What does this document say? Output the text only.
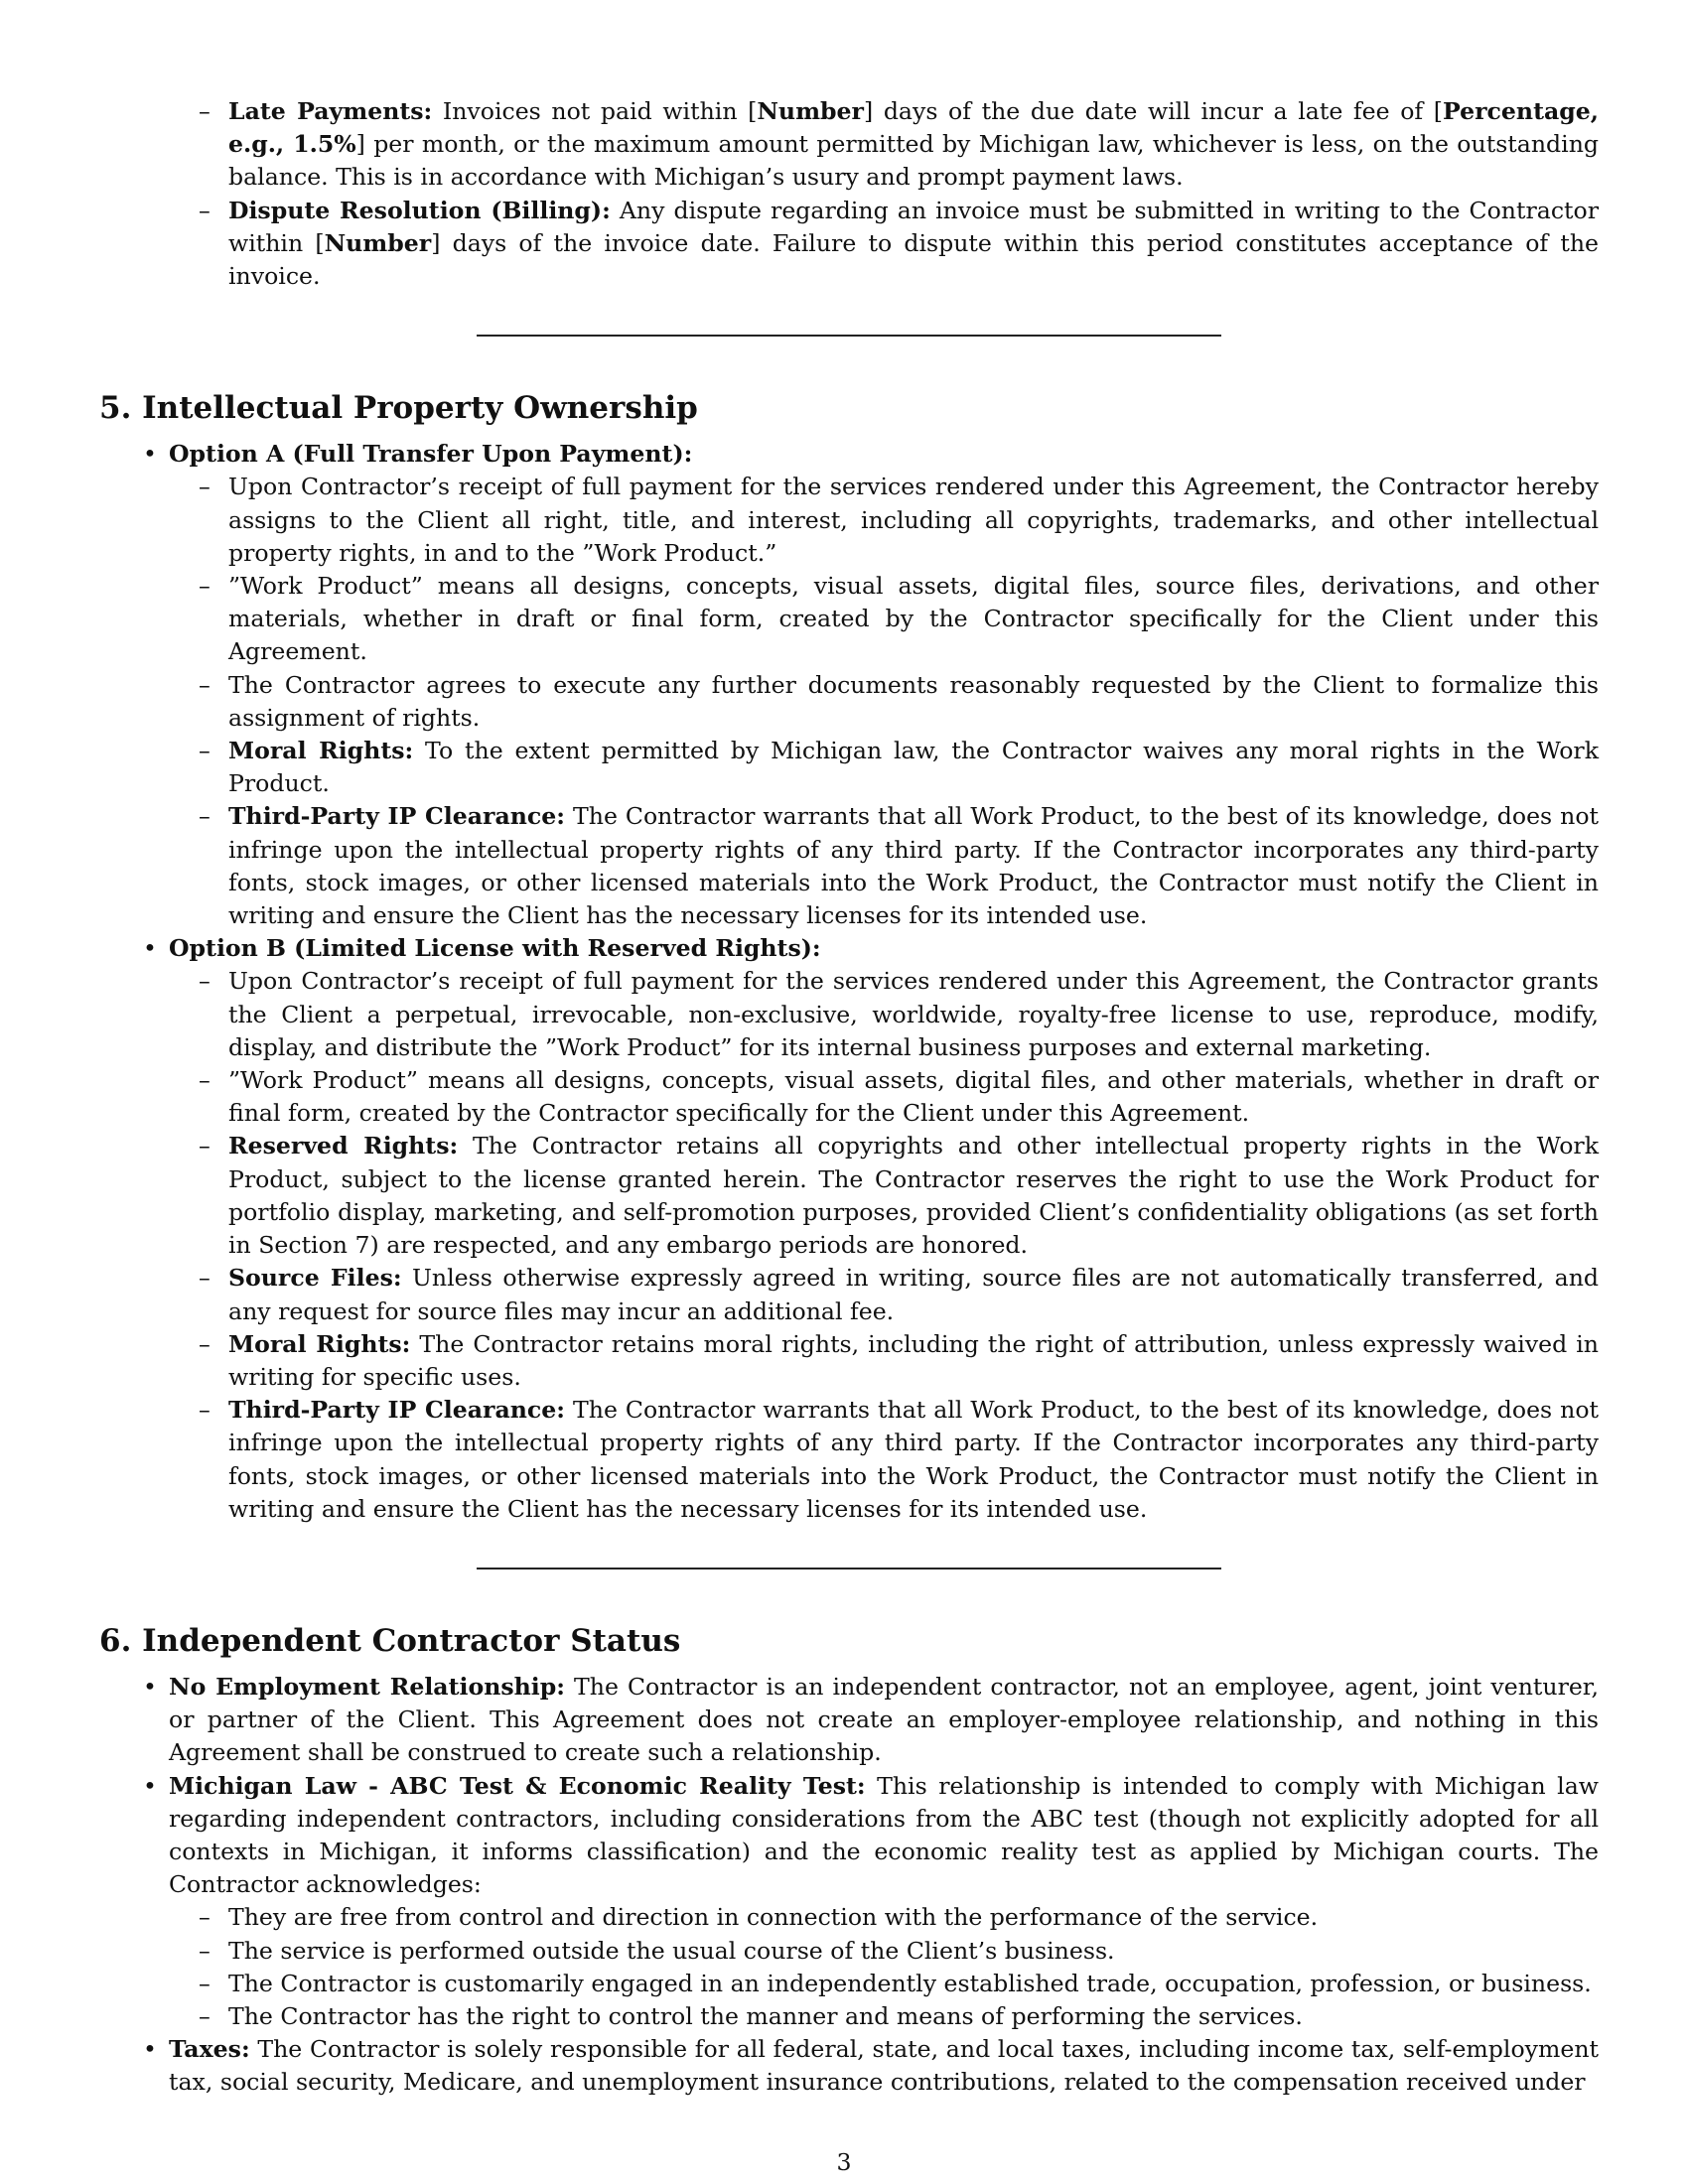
– Late Payments: Invoices not paid within [Number] days of the due date will incur a late fee of [Percentage, e.g., 1.5%] per month, or the maximum amount permitted by Michigan law, whichever is less, on the outstanding balance. This is in accordance with Michigan’s usury and prompt payment laws.
– Dispute Resolution (Billing): Any dispute regarding an invoice must be submitted in writing to the Contractor within [Number] days of the invoice date. Failure to dispute within this period constitutes acceptance of the invoice.
5. Intellectual Property Ownership
• Option A (Full Transfer Upon Payment):
– Upon Contractor’s receipt of full payment for the services rendered under this Agreement, the Contractor hereby assigns to the Client all right, title, and interest, including all copyrights, trademarks, and other intellectual property rights, in and to the ”Work Product.”
– ”Work Product” means all designs, concepts, visual assets, digital files, source files, derivations, and other materials, whether in draft or final form, created by the Contractor specifically for the Client under this Agreement.
– The Contractor agrees to execute any further documents reasonably requested by the Client to formalize this assignment of rights.
– Moral Rights: To the extent permitted by Michigan law, the Contractor waives any moral rights in the Work Product.
– Third-Party IP Clearance: The Contractor warrants that all Work Product, to the best of its knowledge, does not infringe upon the intellectual property rights of any third party. If the Contractor incorporates any third-party fonts, stock images, or other licensed materials into the Work Product, the Contractor must notify the Client in writing and ensure the Client has the necessary licenses for its intended use.
• Option B (Limited License with Reserved Rights):
– Upon Contractor’s receipt of full payment for the services rendered under this Agreement, the Contractor grants the Client a perpetual, irrevocable, non-exclusive, worldwide, royalty-free license to use, reproduce, modify, display, and distribute the ”Work Product” for its internal business purposes and external marketing.
– ”Work Product” means all designs, concepts, visual assets, digital files, and other materials, whether in draft or final form, created by the Contractor specifically for the Client under this Agreement.
– Reserved Rights: The Contractor retains all copyrights and other intellectual property rights in the Work Product, subject to the license granted herein. The Contractor reserves the right to use the Work Product for portfolio display, marketing, and self-promotion purposes, provided Client’s confidentiality obligations (as set forth in Section 7) are respected, and any embargo periods are honored.
– Source Files: Unless otherwise expressly agreed in writing, source files are not automatically transferred, and any request for source files may incur an additional fee.
– Moral Rights: The Contractor retains moral rights, including the right of attribution, unless expressly waived in writing for specific uses.
– Third-Party IP Clearance: The Contractor warrants that all Work Product, to the best of its knowledge, does not infringe upon the intellectual property rights of any third party. If the Contractor incorporates any third-party fonts, stock images, or other licensed materials into the Work Product, the Contractor must notify the Client in writing and ensure the Client has the necessary licenses for its intended use.
6. Independent Contractor Status
• No Employment Relationship: The Contractor is an independent contractor, not an employee, agent, joint venturer, or partner of the Client. This Agreement does not create an employer-employee relationship, and nothing in this Agreement shall be construed to create such a relationship.
• Michigan Law - ABC Test & Economic Reality Test: This relationship is intended to comply with Michigan law regarding independent contractors, including considerations from the ABC test (though not explicitly adopted for all contexts in Michigan, it informs classification) and the economic reality test as applied by Michigan courts. The Contractor acknowledges:
– They are free from control and direction in connection with the performance of the service.
– The service is performed outside the usual course of the Client’s business.
– The Contractor is customarily engaged in an independently established trade, occupation, profession, or business.
– The Contractor has the right to control the manner and means of performing the services.
• Taxes: The Contractor is solely responsible for all federal, state, and local taxes, including income tax, self-employment tax, social security, Medicare, and unemployment insurance contributions, related to the compensation received under
3
